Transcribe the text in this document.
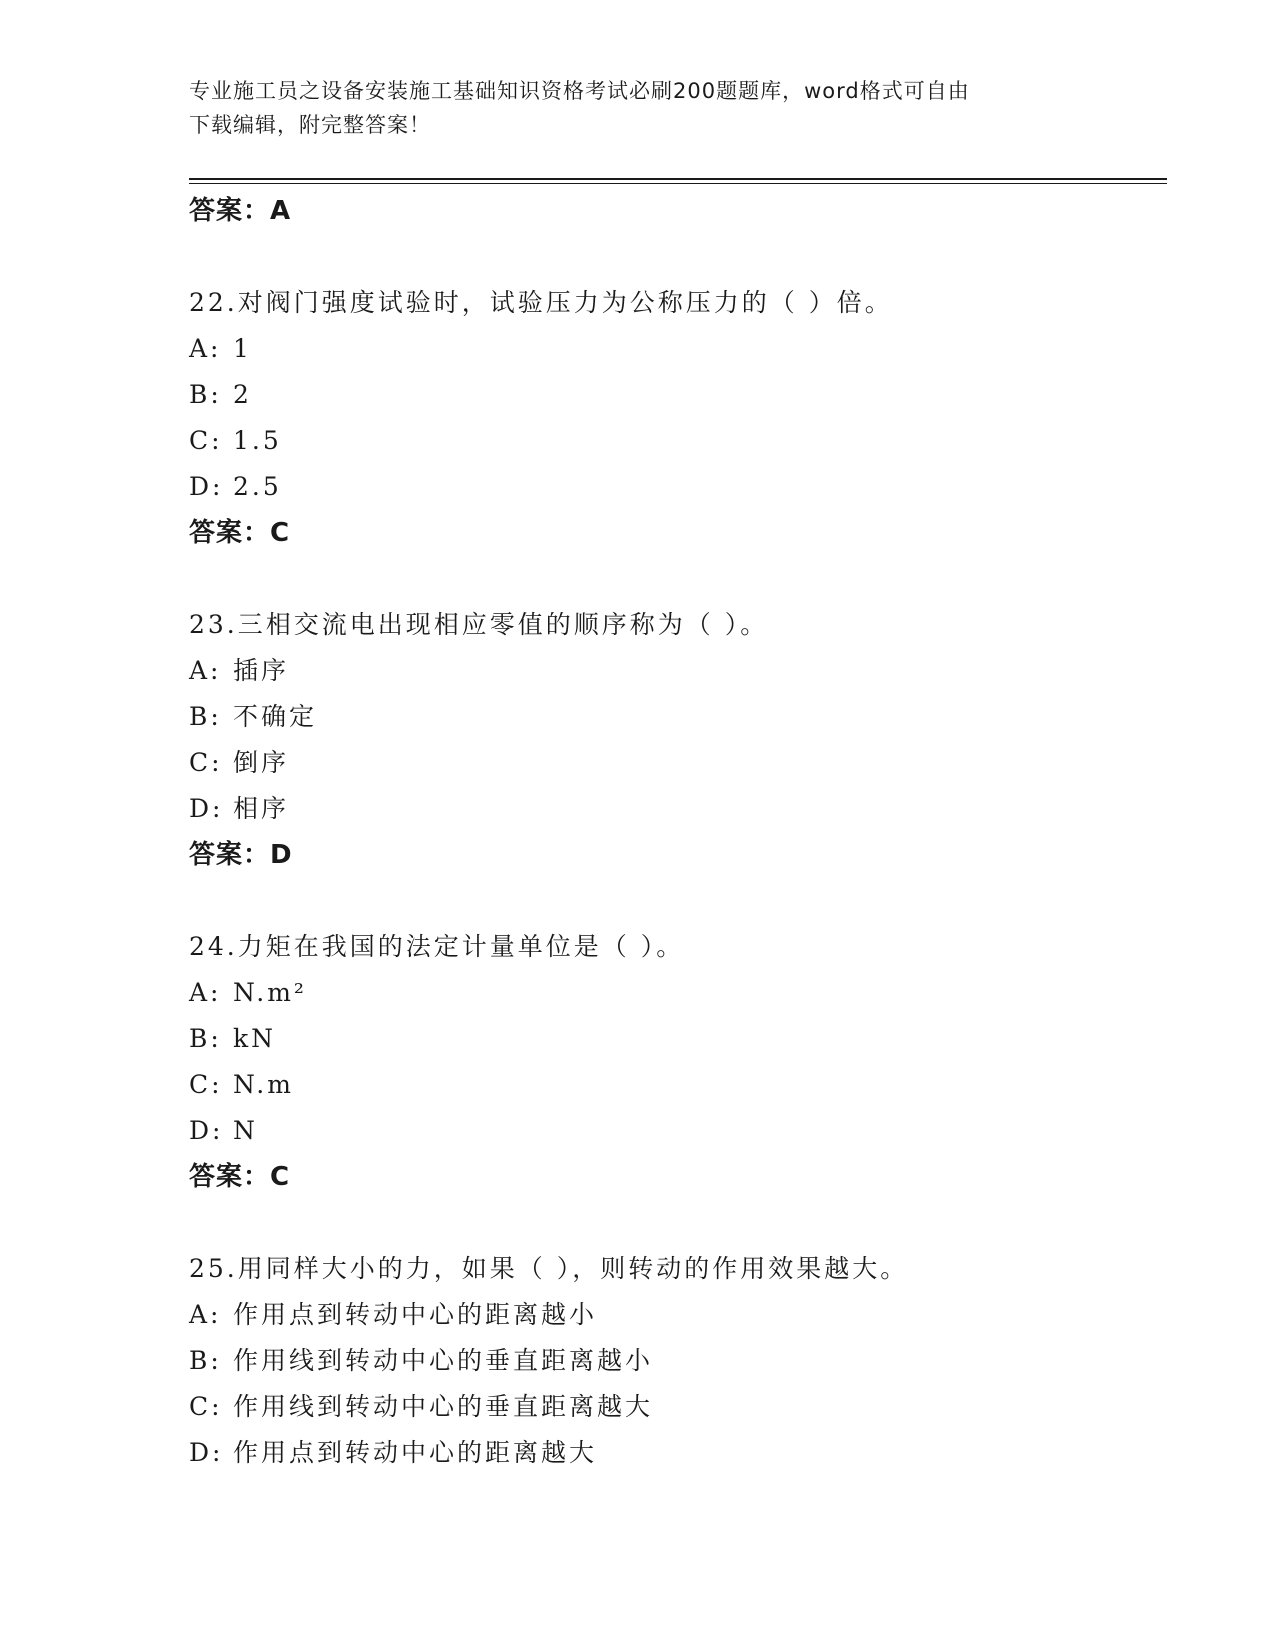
专业施工员之设备安装施工基础知识资格考试必刷200题题库，word格式可自由
下载编辑，附完整答案！
答案：A
22.对阀门强度试验时，试验压力为公称压力的（ ）倍。
A: 1
B: 2
C: 1.5
D: 2.5
答案：C
23.三相交流电出现相应零值的顺序称为（ ）。
A: 插序
B: 不确定
C: 倒序
D: 相序
答案：D
24.力矩在我国的法定计量单位是（ ）。
A: N.m²
B: kN
C: N.m
D: N
答案：C
25.用同样大小的力，如果（ ），则转动的作用效果越大。
A: 作用点到转动中心的距离越小
B: 作用线到转动中心的垂直距离越小
C: 作用线到转动中心的垂直距离越大
D: 作用点到转动中心的距离越大
